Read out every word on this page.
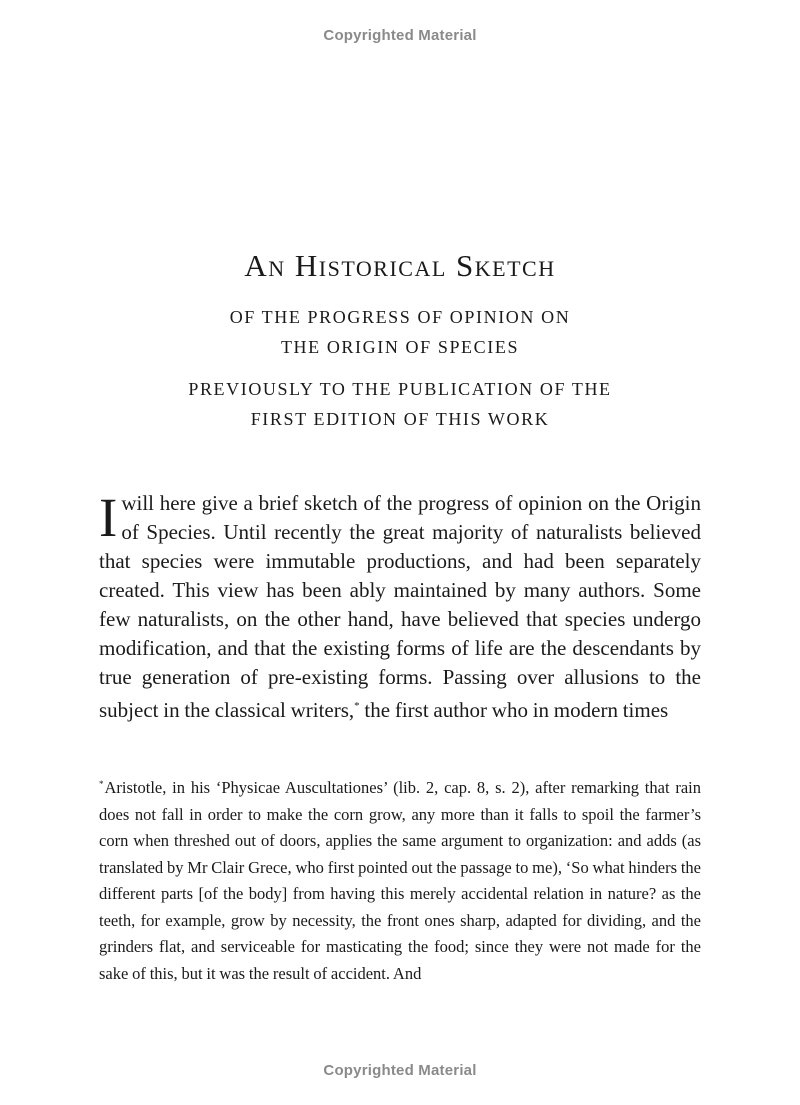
Copyrighted Material
An Historical Sketch
OF THE PROGRESS OF OPINION ON
THE ORIGIN OF SPECIES
PREVIOUSLY TO THE PUBLICATION OF THE
FIRST EDITION OF THIS WORK

Iwill here give a brief sketch of the progress of opinion on the Origin of Species. Until recently the great majority of naturalists believed that species were immutable productions, and had been separately created. This view has been ably maintained by many authors. Some few naturalists, on the other hand, have believed that species undergo modification, and that the existing forms of life are the descendants by true generation of pre-existing forms. Passing over allusions to the subject in the classical writers,* the first author who in modern times

*Aristotle, in his ‘Physicae Auscultationes’ (lib. 2, cap. 8, s. 2), after remarking that rain does not fall in order to make the corn grow, any more than it falls to spoil the farmer’s corn when threshed out of doors, applies the same argument to organization: and adds (as translated by Mr Clair Grece, who first pointed out the passage to me), ‘So what hinders the different parts [of the body] from having this merely accidental relation in nature? as the teeth, for example, grow by necessity, the front ones sharp, adapted for dividing, and the grinders flat, and serviceable for masticating the food; since they were not made for the sake of this, but it was the result of accident. And

Copyrighted Material
